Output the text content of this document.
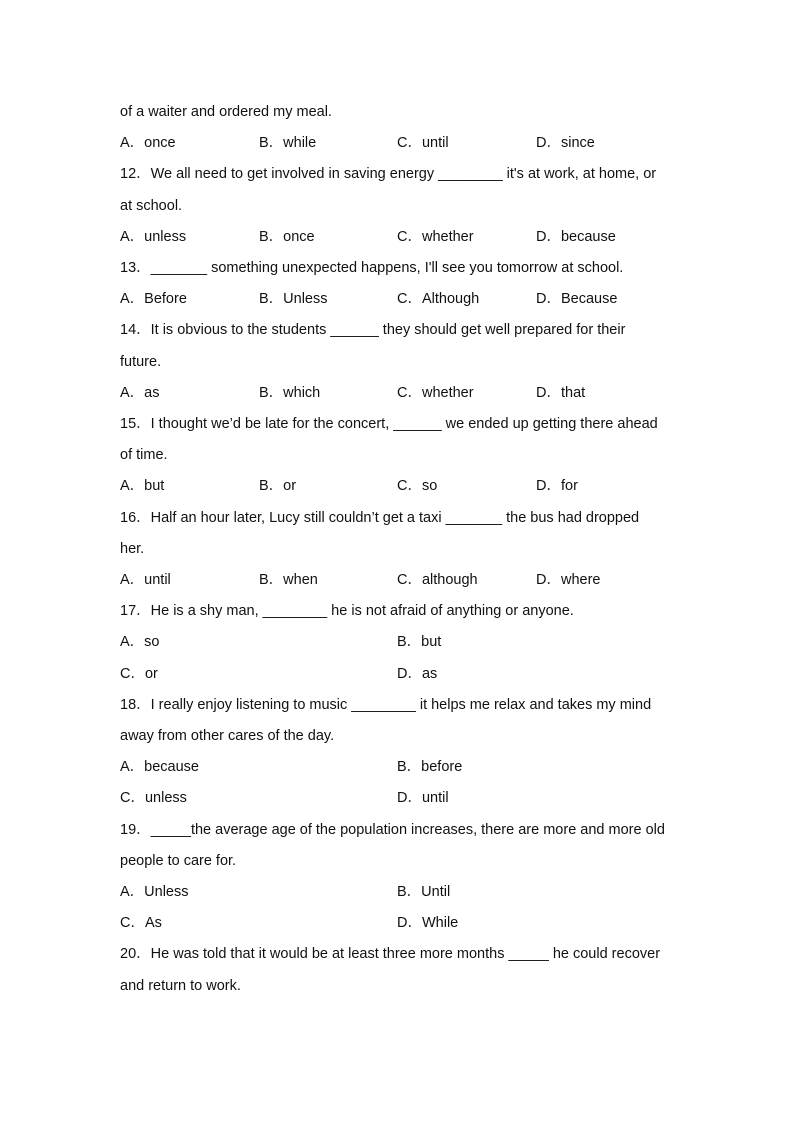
of a waiter and ordered my meal.
A．once	B．while	C．until	D．since
12．We all need to get involved in saving energy ________ it's at work, at home, or
at school.
A．unless	B．once	C．whether	D．because
13．_______ something unexpected happens, I'll see you tomorrow at school.
A．Before	B．Unless	C．Although	D．Because
14．It is obvious to the students ______ they should get well prepared for their
future.
A．as	B．which	C．whether	D．that
15．I thought we’d be late for the concert, ______ we ended up getting there ahead
of time.
A．but	B．or	C．so	D．for
16．Half an hour later, Lucy still couldn’t get a taxi _______ the bus had dropped
her.
A．until	B．when	C．although	D．where
17．He is a shy man, ________ he is not afraid of anything or anyone.
A．so	B．but
C．or	D．as
18．I really enjoy listening to music ________ it helps me relax and takes my mind
away from other cares of the day.
A．because	B．before
C．unless	D．until
19．_____the average age of the population increases, there are more and more old
people to care for.
A．Unless	B．Until
C．As	D．While
20．He was told that it would be at least three more months _____ he could recover
and return to work.
